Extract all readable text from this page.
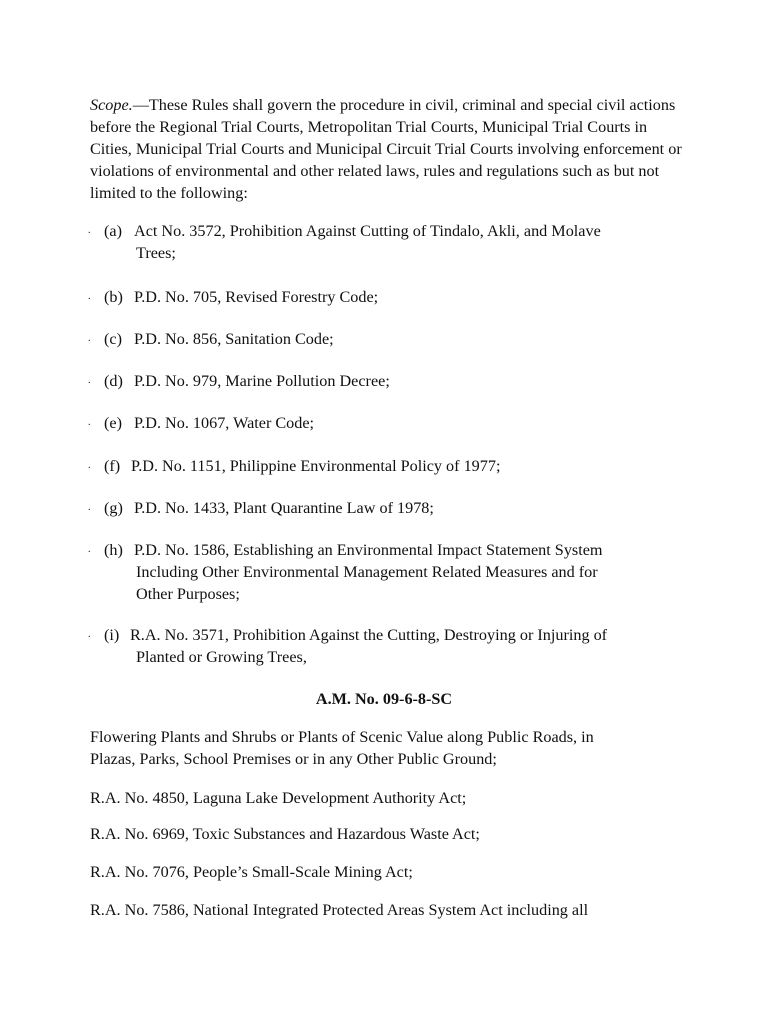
Scope.—These Rules shall govern the procedure in civil, criminal and special civil actions before the Regional Trial Courts, Metropolitan Trial Courts, Municipal Trial Courts in Cities, Municipal Trial Courts and Municipal Circuit Trial Courts involving enforcement or violations of environmental and other related laws, rules and regulations such as but not limited to the following:

. (a) Act No. 3572, Prohibition Against Cutting of Tindalo, Akli, and Molave
Trees;
. (b) P.D. No. 705, Revised Forestry Code;
. (c) P.D. No. 856, Sanitation Code;
. (d) P.D. No. 979, Marine Pollution Decree;
. (e) P.D. No. 1067, Water Code;
. (f) P.D. No. 1151, Philippine Environmental Policy of 1977;
. (g) P.D. No. 1433, Plant Quarantine Law of 1978;
. (h) P.D. No. 1586, Establishing an Environmental Impact Statement System
Including Other Environmental Management Related Measures and for
Other Purposes;
. (i) R.A. No. 3571, Prohibition Against the Cutting, Destroying or Injuring of
Planted or Growing Trees,
A.M. No. 09-6-8-SC
Flowering Plants and Shrubs or Plants of Scenic Value along Public Roads, in
Plazas, Parks, School Premises or in any Other Public Ground;
R.A. No. 4850, Laguna Lake Development Authority Act;
R.A. No. 6969, Toxic Substances and Hazardous Waste Act;
R.A. No. 7076, People’s Small-Scale Mining Act;
R.A. No. 7586, National Integrated Protected Areas System Act including all
